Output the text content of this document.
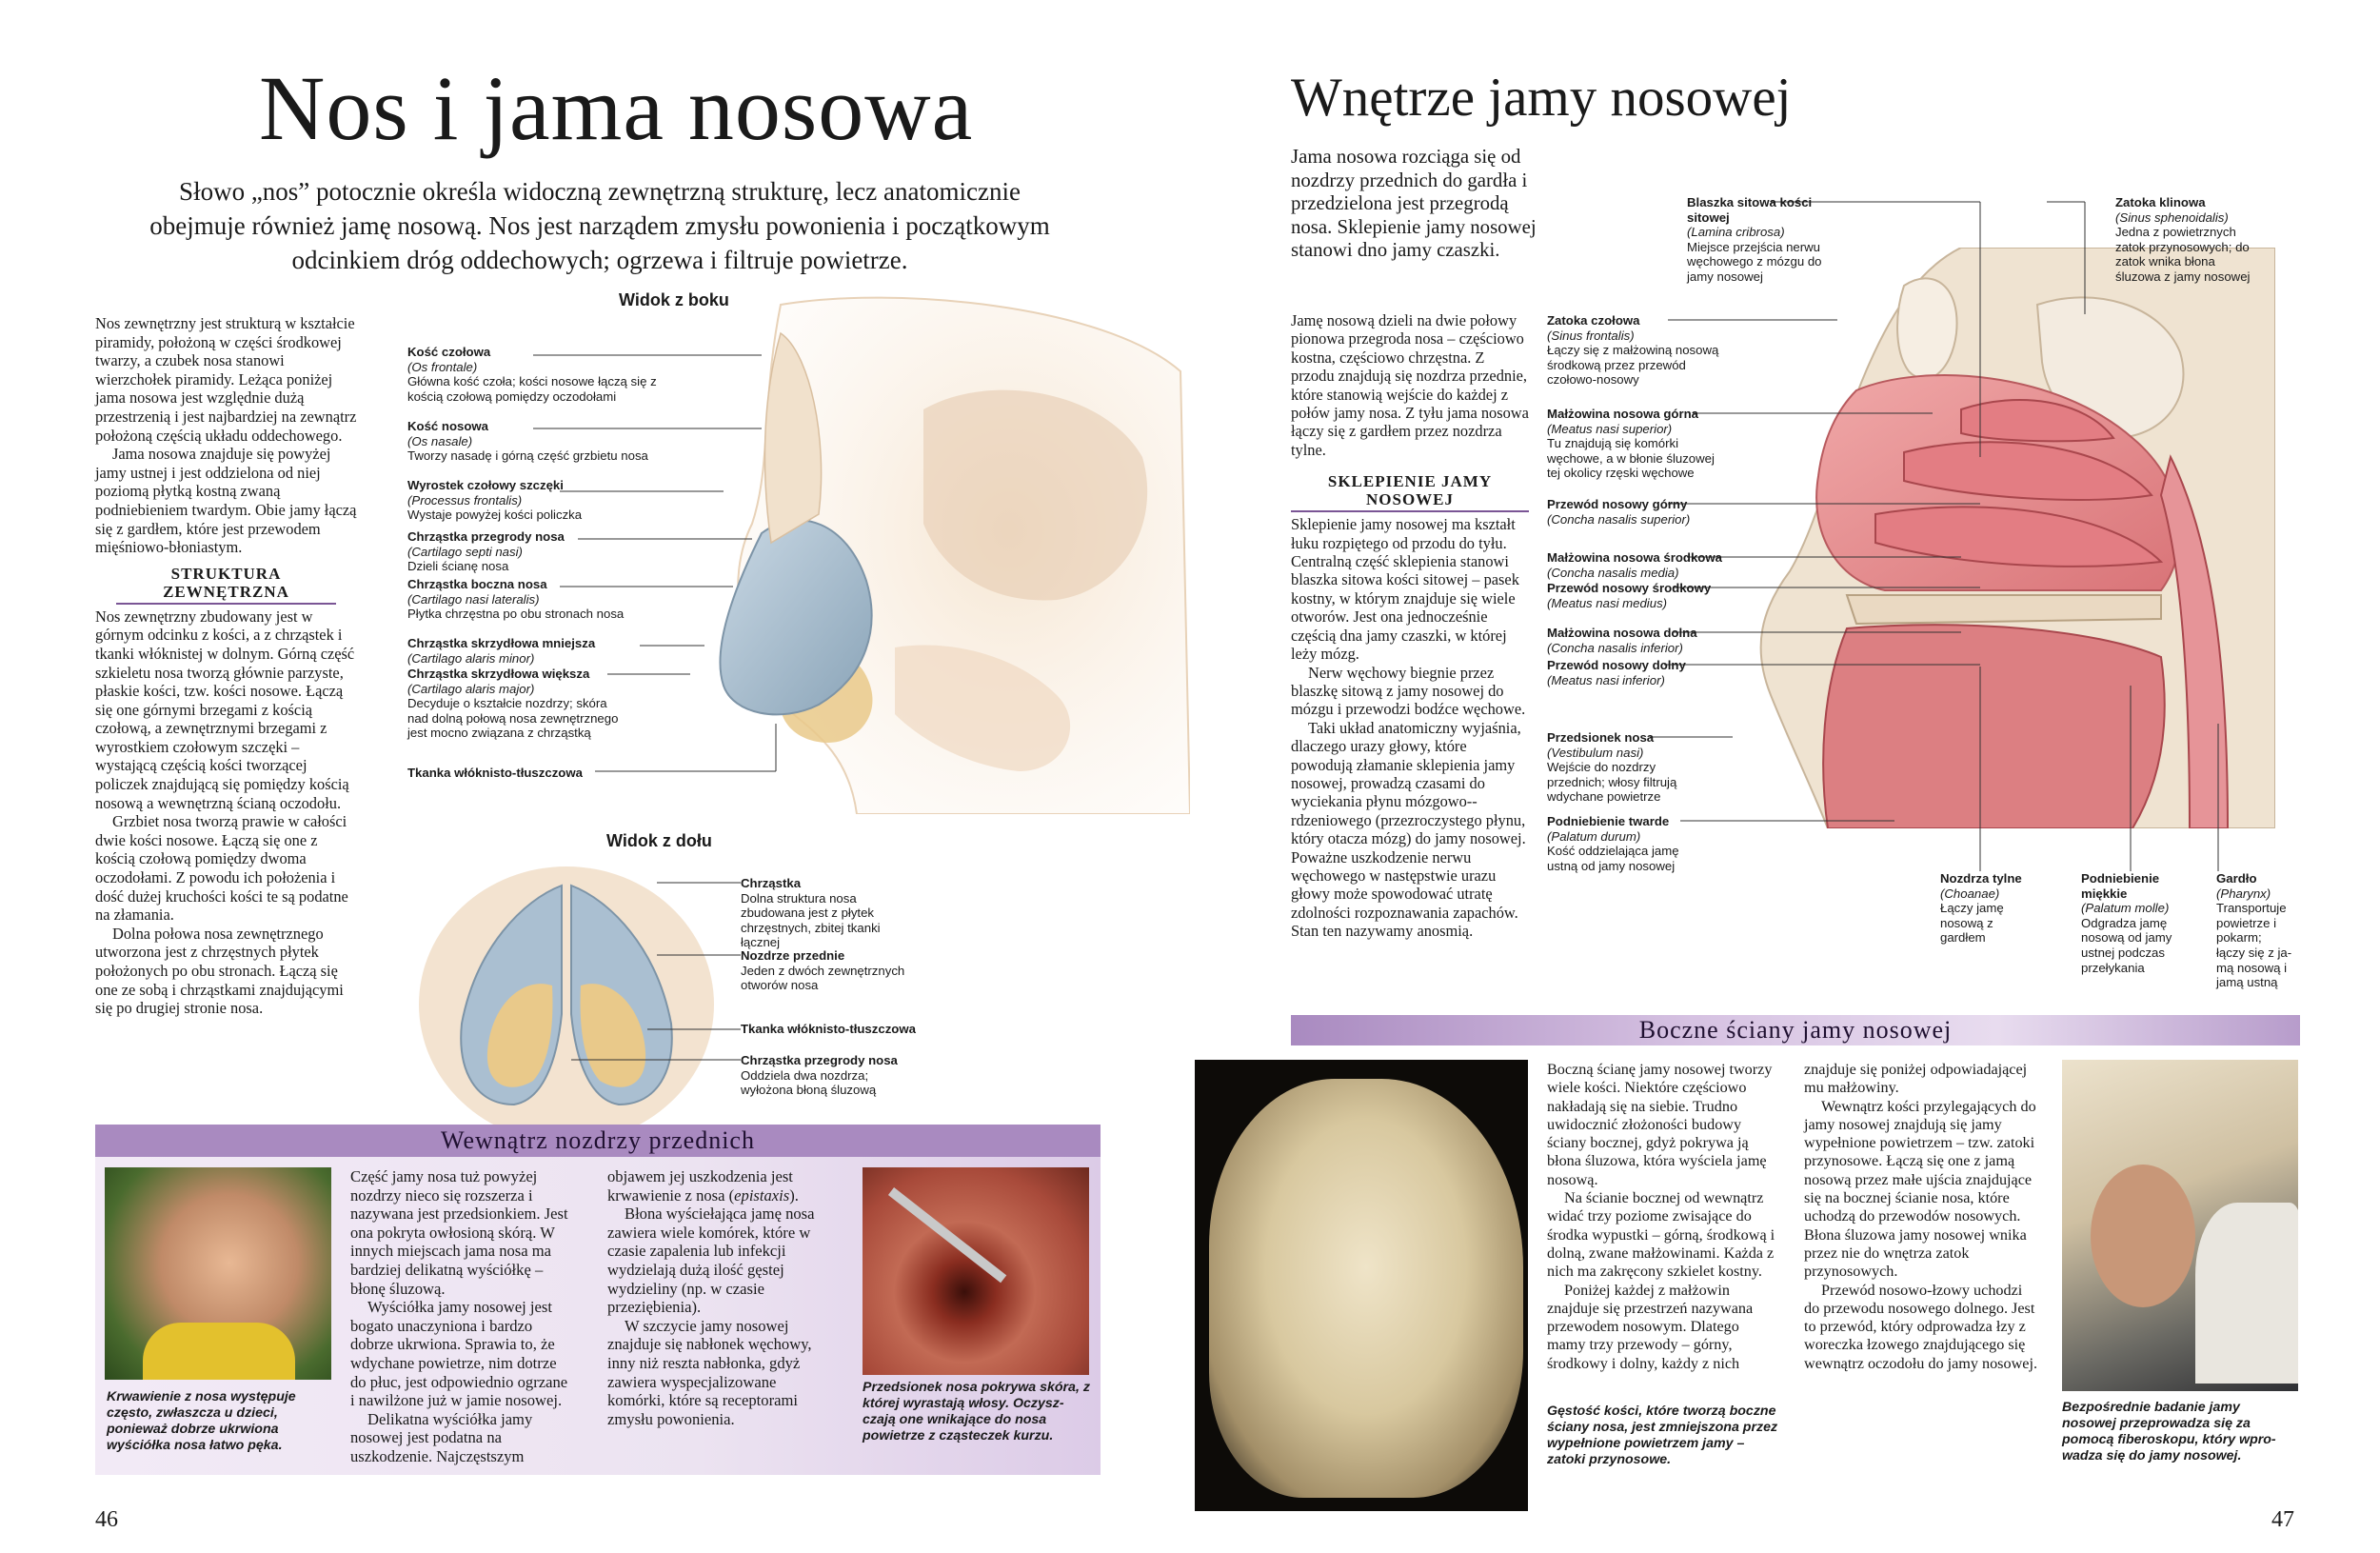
Nos i jama nosowa
Słowo „nos” potocznie określa widoczną zewnętrzną strukturę, lecz anatomicznie obejmuje również jamę nosową. Nos jest narządem zmysłu powonienia i początkowym odcinkiem dróg oddechowych; ogrzewa i filtruje powietrze.

Nos zewnętrzny jest strukturą w kształcie piramidy, położoną w części środkowej twarzy, a czubek nosa stanowi wierzchołek piramidy. Leżąca poniżej jama nosowa jest względnie dużą przestrzenią i jest najbardziej na zewnątrz położoną częścią układu oddechowego.

Jama nosowa znajduje się powyżej jamy ustnej i jest oddzielona od niej poziomą płytką kostną zwaną podniebieniem twardym. Obie jamy łączą się z gardłem, które jest przewodem mięśniowo-błoniastym.

STRUKTURA ZEWNĘTRZNA

Nos zewnętrzny zbudowany jest w górnym odcinku z kości, a z chrząstek i tkanki włóknistej w dolnym. Górną część szkieletu nosa tworzą głównie parzyste, płaskie kości, tzw. kości nosowe. Łączą się one górnymi brzegami z kością czołową, a zewnętrznymi brzegami z wyrostkiem czołowym szczęki – wystającą częścią kości tworzącej policzek znajdującą się pomiędzy kością nosową a wewnętrzną ścianą oczodołu.

Grzbiet nosa tworzą prawie w całości dwie kości nosowe. Łączą się one z kością czołową pomiędzy dwoma oczodołami. Z powodu ich położenia i dość dużej kruchości kości te są podatne na złamania.

Dolna połowa nosa zewnętrznego utworzona jest z chrzęstnych płytek położonych po obu stronach. Łączą się one ze sobą i chrząstkami znajdującymi się po drugiej stronie nosa.

Widok z boku
Kość czołowa
(Os frontale)
Główna kość czoła; kości nosowe łączą się z kością czołową pomiędzy oczodołami
Kość nosowa
(Os nasale)
Tworzy nasadę i górną część grzbietu nosa
Wyrostek czołowy szczęki
(Processus frontalis)
Wystaje powyżej kości policzka
Chrząstka przegrody nosa
(Cartilago septi nasi)
Dzieli ścianę nosa
Chrząstka boczna nosa
(Cartilago nasi lateralis)
Płytka chrzęstna po obu stronach nosa
Chrząstka skrzydłowa mniejsza
(Cartilago alaris minor)
Chrząstka skrzydłowa większa
(Cartilago alaris major)
Decyduje o kształcie nozdrzy; skóra nad dolną połową nosa zewnętrznego jest mocno związana z chrząstką
Tkanka włóknisto-tłuszczowa
Widok z dołu
Chrząstka
Dolna struktura nosa zbudowana jest z płytek chrzęstnych, zbitej tkanki łącznej
Nozdrze przednie
Jeden z dwóch zewnętrznych otworów nosa
Tkanka włóknisto-tłuszczowa
Chrząstka przegrody nosa
Oddziela dwa nozdrza; wyłożona błoną śluzową
Wewnątrz nozdrzy przednich
Krwawienie z nosa występuje często, zwłaszcza u dzieci, ponieważ dobrze ukrwiona wyściółka nosa łatwo pęka.

Część jamy nosa tuż powyżej nozdrzy nieco się rozszerza i nazywana jest przedsionkiem. Jest ona pokryta owłosioną skórą. W innych miejscach jama nosa ma bardziej delikatną wyściółkę – błonę śluzową.

Wyściółka jamy nosowej jest bogato unaczyniona i bardzo dobrze ukrwiona. Sprawia to, że wdychane powietrze, nim dotrze do płuc, jest odpowiednio ogrzane i nawilżone już w jamie nosowej.

Delikatna wyściółka jamy nosowej jest podatna na uszkodzenie. Najczęstszym

objawem jej uszkodzenia jest krwawienie z nosa (epistaxis).

Błona wyściełająca jamę nosa zawiera wiele komórek, które w czasie zapalenia lub infekcji wydzielają dużą ilość gęstej wydzieliny (np. w czasie przeziębienia).

W szczycie jamy nosowej znajduje się nabłonek węchowy, inny niż reszta nabłonka, gdyż zawiera wyspecjalizowane komórki, które są receptorami zmysłu powonienia.

Przedsionek nosa pokrywa skóra, z której wyrastają włosy. Oczysz-czają one wnikające do nosa powietrze z cząsteczek kurzu.
46
Wnętrze jamy nosowej
Jama nosowa rozciąga się od nozdrzy przednich do gardła i przedzielona jest przegrodą nosa. Sklepienie jamy nosowej stanowi dno jamy czaszki.

Jamę nosową dzieli na dwie połowy pionowa przegroda nosa – częściowo kostna, częściowo chrzęstna. Z przodu znajdują się nozdrza przednie, które stanowią wejście do każdej z połów jamy nosa. Z tyłu jama nosowa łączy się z gardłem przez nozdrza tylne.

SKLEPIENIE JAMY NOSOWEJ

Sklepienie jamy nosowej ma kształt łuku rozpiętego od przodu do tyłu. Centralną część sklepienia stanowi blaszka sitowa kości sitowej – pasek kostny, w którym znajduje się wiele otworów. Jest ona jednocześnie częścią dna jamy czaszki, w której leży mózg.

Nerw węchowy biegnie przez blaszkę sitową z jamy nosowej do mózgu i przewodzi bodźce węchowe.

Taki układ anatomiczny wyjaśnia, dlaczego urazy głowy, które powodują złamanie sklepienia jamy nosowej, prowadzą czasami do wyciekania płynu mózgowo--rdzeniowego (przezroczystego płynu, który otacza mózg) do jamy nosowej. Poważne uszkodzenie nerwu węchowego w następstwie urazu głowy może spowodować utratę zdolności rozpoznawania zapachów. Stan ten nazywamy anosmią.

Blaszka sitowa kości sitowej
(Lamina cribrosa)
Miejsce przejścia nerwu węchowego z mózgu do jamy nosowej
Zatoka klinowa
(Sinus sphenoidalis)
Jedna z powietrznych zatok przynosowych; do zatok wnika błona śluzowa z jamy nosowej
Zatoka czołowa
(Sinus frontalis)
Łączy się z małżowiną nosową środkową przez przewód czołowo-nosowy
Małżowina nosowa górna
(Meatus nasi superior)
Tu znajdują się komórki węchowe, a w błonie śluzowej tej okolicy rzęski węchowe
Przewód nosowy górny
(Concha nasalis superior)
Małżowina nosowa środkowa
(Concha nasalis media)
Przewód nosowy środkowy
(Meatus nasi medius)
Małżowina nosowa dolna
(Concha nasalis inferior)
Przewód nosowy dolny
(Meatus nasi inferior)
Przedsionek nosa
(Vestibulum nasi)
Wejście do nozdrzy przednich; włosy filtrują wdychane powietrze
Podniebienie twarde
(Palatum durum)
Kość oddzielająca jamę ustną od jamy nosowej
Nozdrza tylne
(Choanae)
Łączy jamę nosową z gardłem
Podniebienie miękkie
(Palatum molle)
Odgradza jamę nosową od jamy ustnej podczas przełykania
Gardło
(Pharynx)
Transportuje powietrze i pokarm; łączy się z ja-mą nosową i jamą ustną
Boczne ściany jamy nosowej

Boczną ścianę jamy nosowej tworzy wiele kości. Niektóre częściowo nakładają się na siebie. Trudno uwidocznić złożoności budowy ściany bocznej, gdyż pokrywa ją błona śluzowa, która wyściela jamę nosową.

Na ścianie bocznej od wewnątrz widać trzy poziome zwisające do środka wypustki – górną, środkową i dolną, zwane małżowinami. Każda z nich ma zakręcony szkielet kostny.

Poniżej każdej z małżowin znajduje się przestrzeń nazywana przewodem nosowym. Dlatego mamy trzy przewody – górny, środkowy i dolny, każdy z nich

Gęstość kości, które tworzą boczne ściany nosa, jest zmniejszona przez wypełnione powietrzem jamy – zatoki przynosowe.

znajduje się poniżej odpowiadającej mu małżowiny.

Wewnątrz kości przylegających do jamy nosowej znajdują się jamy wypełnione powietrzem – tzw. zatoki przynosowe. Łączą się one z jamą nosową przez małe ujścia znajdujące się na bocznej ścianie nosa, które uchodzą do przewodów nosowych. Błona śluzowa jamy nosowej wnika przez nie do wnętrza zatok przynosowych.

Przewód nosowo-łzowy uchodzi do przewodu nosowego dolnego. Jest to przewód, który odprowadza łzy z woreczka łzowego znajdującego się wewnątrz oczodołu do jamy nosowej.

Bezpośrednie badanie jamy nosowej przeprowadza się za pomocą fiberoskopu, który wpro-wadza się do jamy nosowej.
47
